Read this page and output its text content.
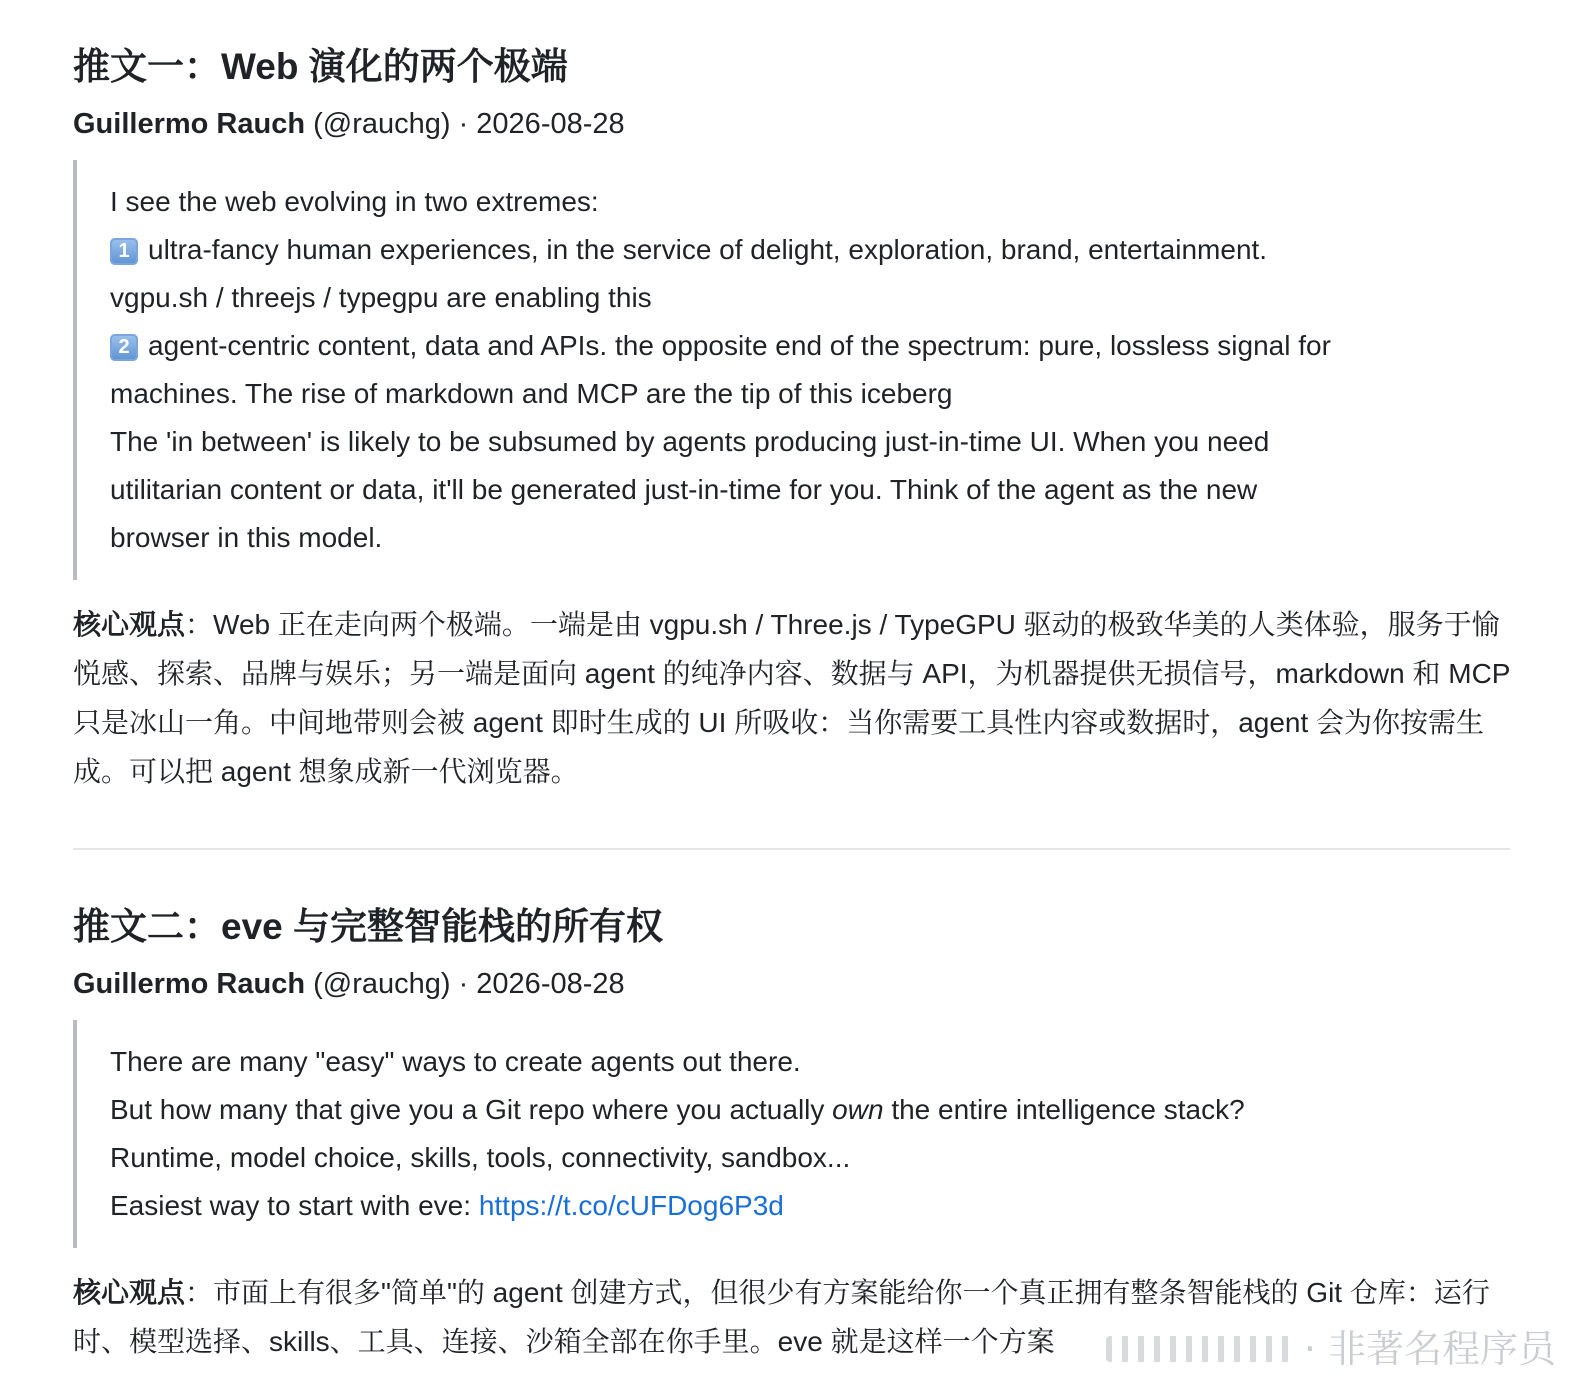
推文一：Web 演化的两个极端
Guillermo Rauch (@rauchg) · 2026-08-28
I see the web evolving in two extremes:
1 ultra-fancy human experiences, in the service of delight, exploration, brand, entertainment.
vgpu.sh / threejs / typegpu are enabling this
2 agent-centric content, data and APIs. the opposite end of the spectrum: pure, lossless signal for
machines. The rise of markdown and MCP are the tip of this iceberg
The 'in between' is likely to be subsumed by agents producing just-in-time UI. When you need
utilitarian content or data, it'll be generated just-in-time for you. Think of the agent as the new
browser in this model.

核心观点：Web 正在走向两个极端。一端是由 vgpu.sh / Three.js / TypeGPU 驱动的极致华美的人类体验，服务于愉悦感、探索、品牌与娱乐；另一端是面向 agent 的纯净内容、数据与 API，为机器提供无损信号，markdown 和 MCP 只是冰山一角。中间地带则会被 agent 即时生成的 UI 所吸收：当你需要工具性内容或数据时，agent 会为你按需生成。可以把 agent 想象成新一代浏览器。

推文二：eve 与完整智能栈的所有权
Guillermo Rauch (@rauchg) · 2026-08-28
There are many "easy" ways to create agents out there.
But how many that give you a Git repo where you actually own the entire intelligence stack?
Runtime, model choice, skills, tools, connectivity, sandbox...
Easiest way to start with eve: https://t.co/cUFDog6P3d

核心观点：市面上有很多"简单"的 agent 创建方式，但很少有方案能给你一个真正拥有整条智能栈的 Git 仓库：运行时、模型选择、skills、工具、连接、沙箱全部在你手里。eve 就是这样一个方案	· 非著名程序员
